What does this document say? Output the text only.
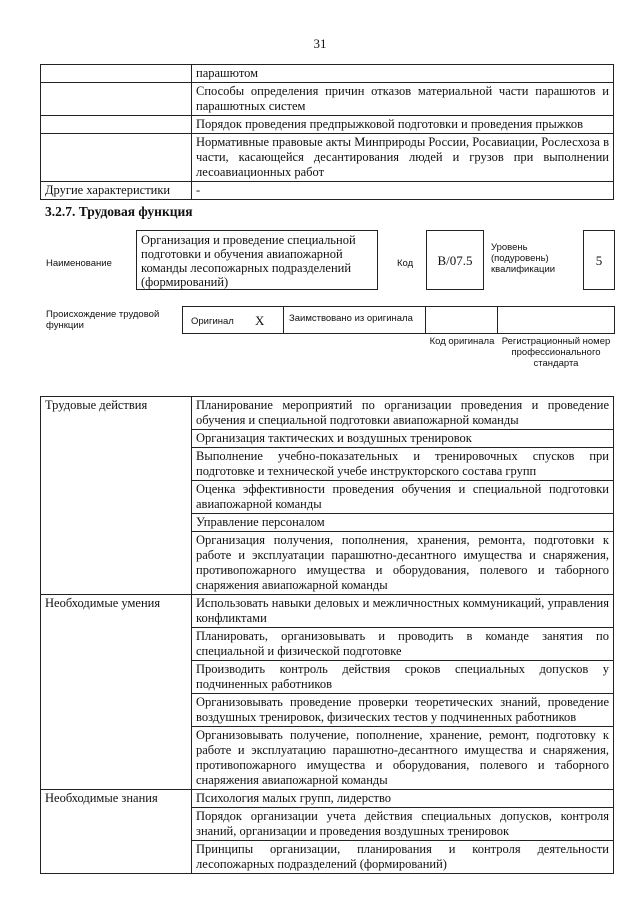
31
	парашютом
	Способы определения причин отказов материальной части парашютов и парашютных систем
	Порядок проведения предпрыжковой подготовки и проведения прыжков
	Нормативные правовые акты Минприроды России, Росавиации, Рослесхоза в части, касающейся десантирования людей и грузов при выполнении лесоавиационных работ
Другие характеристики	-
3.2.7. Трудовая функция
Наименование
Организация и проведение специальной подготовки и обучения авиапожарной команды лесопожарных подразделений (формирований)
Код	B/07.5
Уровень (подуровень) квалификации
5
Происхождение трудовой функции	Оригинал X	Заимствовано из оригинала
Код оригинала Регистрационный номер профессионального стандарта
Трудовые действия	Планирование мероприятий по организации проведения и проведение обучения и специальной подготовки авиапожарной команды
	Организация тактических и воздушных тренировок
	Выполнение учебно-показательных и тренировочных спусков при подготовке и технической учебе инструкторского состава групп
	Оценка эффективности проведения обучения и специальной подготовки авиапожарной команды
	Управление персоналом
	Организация получения, пополнения, хранения, ремонта, подготовки к работе и эксплуатации парашютно-десантного имущества и снаряжения, противопожарного имущества и оборудования, полевого и таборного снаряжения авиапожарной команды
Необходимые умения	Использовать навыки деловых и межличностных коммуникаций, управления конфликтами
	Планировать, организовывать и проводить в команде занятия по специальной и физической подготовке
	Производить контроль действия сроков специальных допусков у подчиненных работников
	Организовывать проведение проверки теоретических знаний, проведение воздушных тренировок, физических тестов у подчиненных работников
	Организовывать получение, пополнение, хранение, ремонт, подготовку к работе и эксплуатацию парашютно-десантного имущества и снаряжения, противопожарного имущества и оборудования, полевого и таборного снаряжения авиапожарной команды
Необходимые знания	Психология малых групп, лидерство
	Порядок организации учета действия специальных допусков, контроля знаний, организации и проведения воздушных тренировок
	Принципы организации, планирования и контроля деятельности лесопожарных подразделений (формирований)
